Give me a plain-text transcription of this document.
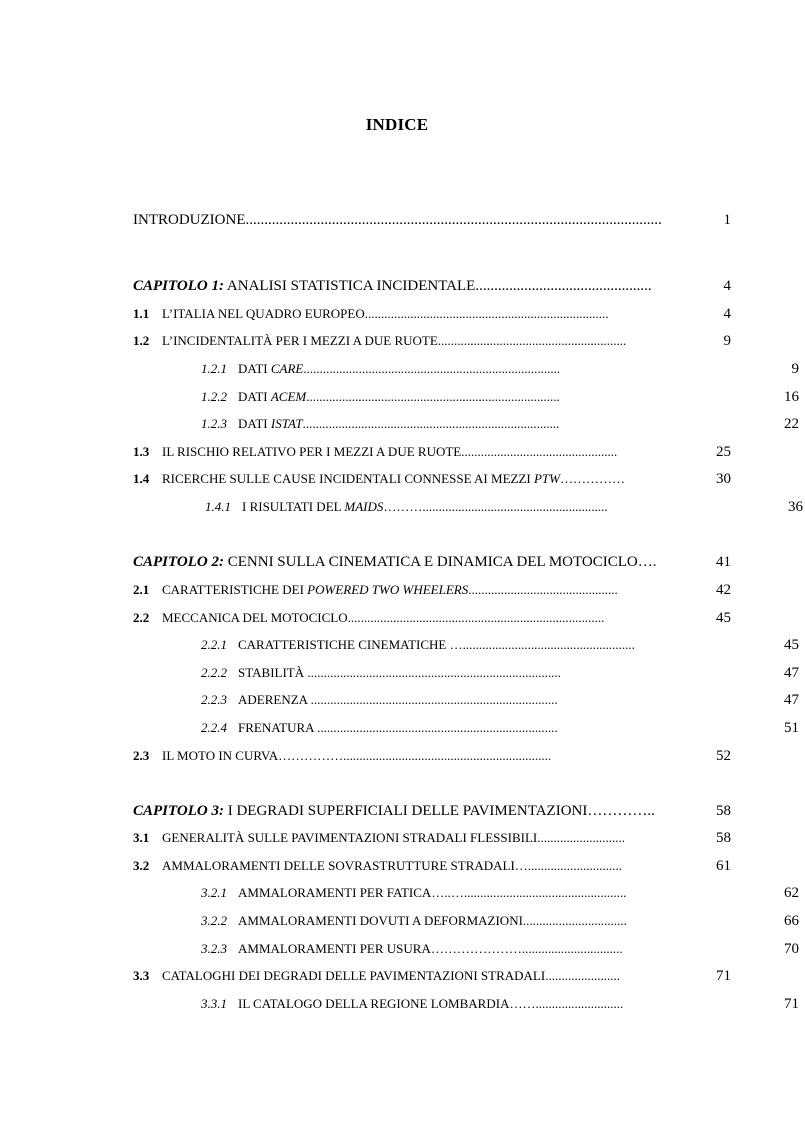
INDICE
INTRODUZIONE...............................................................................................................	1
CAPITOLO 1: ANALISI STATISTICA INCIDENTALE...............................................	4
1.1 L’ITALIA NEL QUADRO EUROPEO...........................................................................	4
1.2 L’INCIDENTALITÀ PER I MEZZI A DUE RUOTE..........................................................	9
1.2.1 DATI CARE...............................................................................	9
1.2.2 DATI ACEM..............................................................................	16
1.2.3 DATI ISTAT...............................................................................	22
1.3 IL RISCHIO RELATIVO PER I MEZZI A DUE RUOTE................................................	25
1.4 RICERCHE SULLE CAUSE INCIDENTALI CONNESSE AI MEZZI PTW……………	30
1.4.1 I RISULTATI DEL MAIDS……….........................................................	36
CAPITOLO 2: CENNI SULLA CINEMATICA E DINAMICA DEL MOTOCICLO….	41
2.1 CARATTERISTICHE DEI POWERED TWO WHEELERS..............................................	42
2.2 MECCANICA DEL MOTOCICLO...............................................................................	45
2.2.1 CARATTERISTICHE CINEMATICHE ….....................................................	45
2.2.2 STABILITÀ ..............................................................................	47
2.2.3 ADERENZA ............................................................................	47
2.2.4 FRENATURA ..........................................................................	51
2.3 IL MOTO IN CURVA……………................................................................	52
CAPITOLO 3: I DEGRADI SUPERFICIALI DELLE PAVIMENTAZIONI…………..	58
3.1 GENERALITÀ SULLE PAVIMENTAZIONI STRADALI FLESSIBILI...........................	58
3.2 AMMALORAMENTI DELLE SOVRASTRUTTURE STRADALI….............................	61
3.2.1 AMMALORAMENTI PER FATICA…..…..................................................	62
3.2.2 AMMALORAMENTI DOVUTI A DEFORMAZIONI................................	66
3.2.3 AMMALORAMENTI PER USURA…………………...............................	70
3.3 CATALOGHI DEI DEGRADI DELLE PAVIMENTAZIONI STRADALI.......................	71
3.3.1 IL CATALOGO DELLA REGIONE LOMBARDIA……...........................	71
